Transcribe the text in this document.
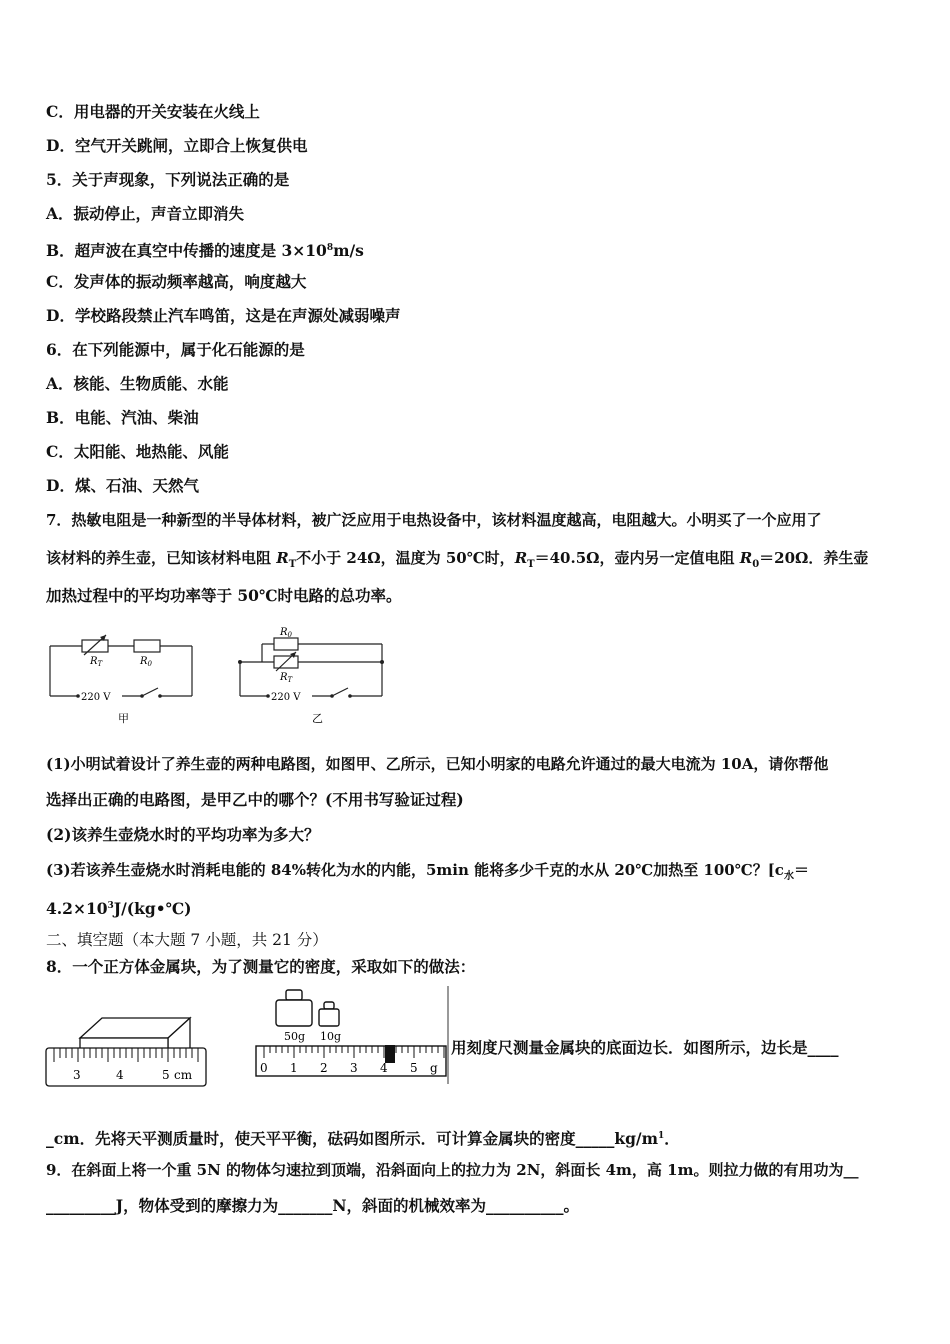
C．用电器的开关安装在火线上
D．空气开关跳闸，立即合上恢复供电
5．关于声现象，下列说法正确的是
A．振动停止，声音立即消失
B．超声波在真空中传播的速度是 $3\times 10^8m/s$
C．发声体的振动频率越高，响度越大
D．学校路段禁止汽车鸣笛，这是在声源处减弱噪声
6．在下列能源中，属于化石能源的是
A．核能、生物质能、水能
B．电能、汽油、柴油
C．太阳能、地热能、风能
D．煤、石油、天然气
7．热敏电阻是一种新型的半导体材料，被广泛应用于电热设备中，该材料温度越高，电阻越大。小明买了一个应用了
该材料的养生壶，已知该材料电阻 $R_T$不小于 24Ω，温度为 50℃时，$R_T=40.5\Omega$，壶内另一定值电阻 $R_0=20\Omega$．养生壶
加热过程中的平均功率等于 50℃时电路的总功率。
$R_T$	$R_0$
220 V
甲
$R_0$
$R_T$
220 V
乙
(1)小明试着设计了养生壶的两种电路图，如图甲、乙所示，已知小明家的电路允许通过的最大电流为 10A，请你帮他
选择出正确的电路图，是甲乙中的哪个？(不用书写验证过程)
(2)该养生壶烧水时的平均功率为多大？
(3)若该养生壶烧水时消耗电能的 84%转化为水的内能，5min 能将多少千克的水从 20℃加热至 100℃？[$c_水=$
$4.2\times 10^3J/(kg•℃)$
二、填空题（本大题 7 小题，共 21 分）
8．一个正方体金属块，为了测量它的密度，采取如下的做法：
3	4	5 cm
50g 10g
0 1 2 3 4 5 g
用刻度尺测量金属块的底面边长．如图所示，边长是____
_cm．先将天平测质量时，使天平平衡，砝码如图所示．可计算金属块的密度$\_\_\_\_\_kg/m^1$．
9．在斜面上将一个重 5N 的物体匀速拉到顶端，沿斜面向上的拉力为 2N，斜面长 4m，高 1m。则拉力做的有用功为__
_________J，物体受到的摩擦力为_______N，斜面的机械效率为__________。
